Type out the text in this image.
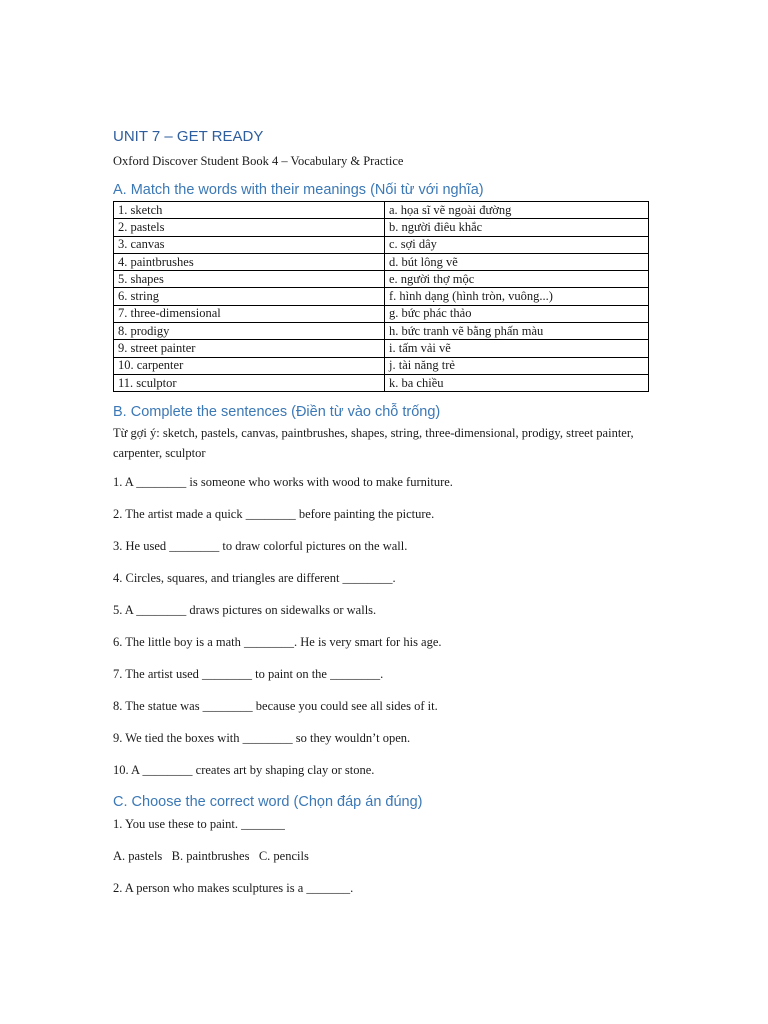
UNIT 7 – GET READY
Oxford Discover Student Book 4 – Vocabulary & Practice
A. Match the words with their meanings (Nối từ với nghĩa)
1. sketch	a. họa sĩ vẽ ngoài đường
2. pastels	b. người điêu khắc
3. canvas	c. sợi dây
4. paintbrushes	d. bút lông vẽ
5. shapes	e. người thợ mộc
6. string	f. hình dạng (hình tròn, vuông...)
7. three-dimensional	g. bức phác thảo
8. prodigy	h. bức tranh vẽ bằng phấn màu
9. street painter	i. tấm vải vẽ
10. carpenter	j. tài năng trẻ
11. sculptor	k. ba chiều
B. Complete the sentences (Điền từ vào chỗ trống)
Từ gợi ý: sketch, pastels, canvas, paintbrushes, shapes, string, three-dimensional, prodigy, street painter, carpenter, sculptor
1. A ________ is someone who works with wood to make furniture.
2. The artist made a quick ________ before painting the picture.
3. He used ________ to draw colorful pictures on the wall.
4. Circles, squares, and triangles are different ________.
5. A ________ draws pictures on sidewalks or walls.
6. The little boy is a math ________. He is very smart for his age.
7. The artist used ________ to paint on the ________.
8. The statue was ________ because you could see all sides of it.
9. We tied the boxes with ________ so they wouldn’t open.
10. A ________ creates art by shaping clay or stone.
C. Choose the correct word (Chọn đáp án đúng)
1. You use these to paint. _______
A. pastels   B. paintbrushes   C. pencils
2. A person who makes sculptures is a _______.
